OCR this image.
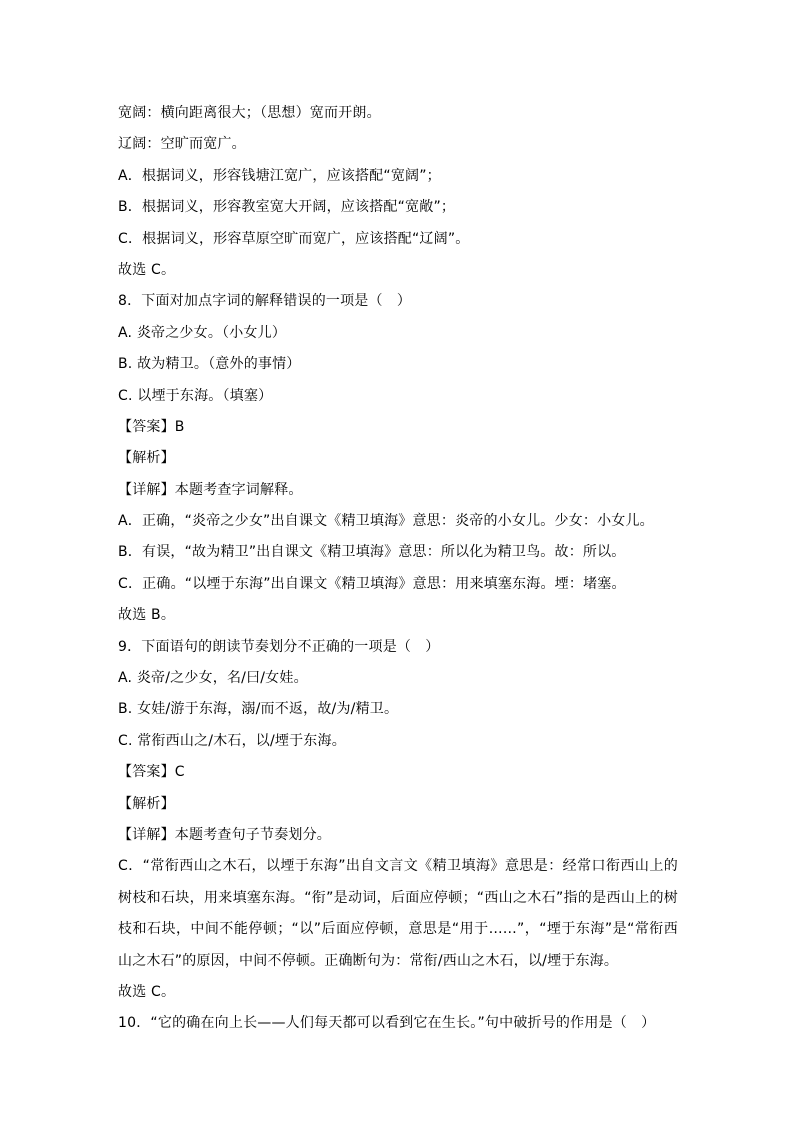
宽阔：横向距离很大；（思想）宽而开朗。
辽阔：空旷而宽广。
A．根据词义，形容钱塘江宽广，应该搭配“宽阔”；
B．根据词义，形容教室宽大开阔，应该搭配“宽敞”；
C．根据词义，形容草原空旷而宽广，应该搭配“辽阔”。
故选 C。
8．下面对加点字词的解释错误的一项是（　）
A. 炎帝之少女。（小女儿）
B. 故为精卫。（意外的事情）
C. 以堙于东海。（填塞）
【答案】B
【解析】
【详解】本题考查字词解释。
A．正确，“炎帝之少女”出自课文《精卫填海》意思：炎帝的小女儿。少女：小女儿。
B．有误，“故为精卫”出自课文《精卫填海》意思：所以化为精卫鸟。故：所以。
C．正确。“以堙于东海”出自课文《精卫填海》意思：用来填塞东海。堙：堵塞。
故选 B。
9．下面语句的朗读节奏划分不正确的一项是（　）
A. 炎帝/之少女，名/曰/女娃。
B. 女娃/游于东海，溺/而不返，故/为/精卫。
C. 常衔西山之/木石，以/堙于东海。
【答案】C
【解析】
【详解】本题考查句子节奏划分。
C．“常衔西山之木石，以堙于东海”出自文言文《精卫填海》意思是：经常口衔西山上的树枝和石块，用来填塞东海。“衔”是动词，后面应停顿；“西山之木石”指的是西山上的树枝和石块，中间不能停顿；“以”后面应停顿，意思是“用于……”，“堙于东海”是“常衔西山之木石”的原因，中间不停顿。正确断句为：常衔/西山之木石，以/堙于东海。
故选 C。
10．“它的确在向上长——人们每天都可以看到它在生长。”句中破折号的作用是（　）
